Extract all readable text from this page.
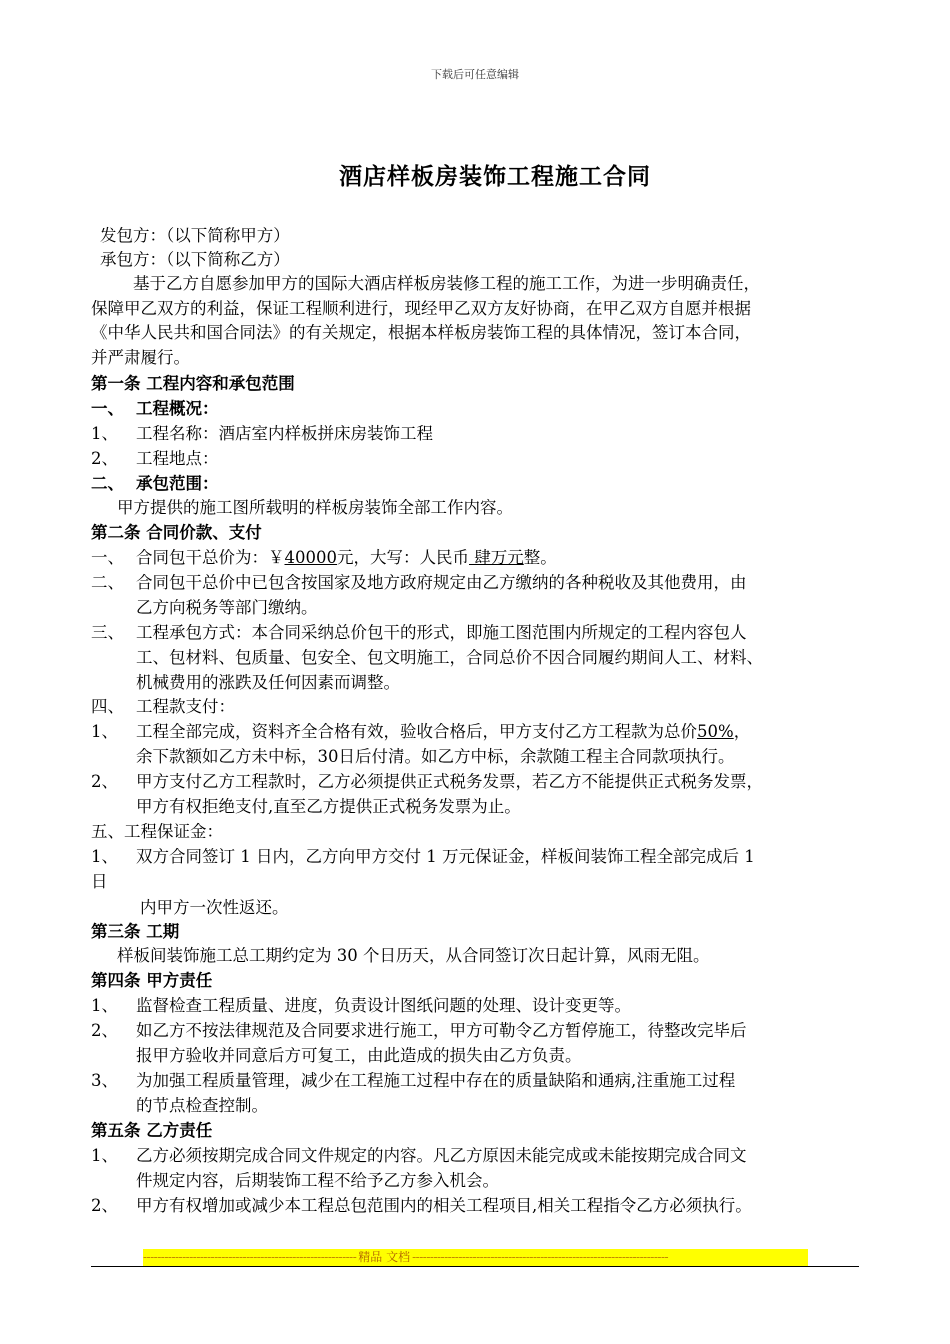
下载后可任意编辑
酒店样板房装饰工程施工合同
发包方：（以下简称甲方）
承包方：（以下简称乙方）
基于乙方自愿参加甲方的国际大酒店样板房装修工程的施工工作，为进一步明确责任，
保障甲乙双方的利益，保证工程顺利进行，现经甲乙双方友好协商，在甲乙双方自愿并根据
《中华人民共和国合同法》的有关规定，根据本样板房装饰工程的具体情况，签订本合同，
并严肃履行。
第一条 工程内容和承包范围
一、 工程概况：
1、 工程名称：酒店室内样板拼床房装饰工程
2、 工程地点：
二、 承包范围：
甲方提供的施工图所载明的样板房装饰全部工作内容。
第二条 合同价款、支付
一、 合同包干总价为：￥40000元，大写：人民币 肆万元整。
二、 合同包干总价中已包含按国家及地方政府规定由乙方缴纳的各种税收及其他费用，由
乙方向税务等部门缴纳。
三、 工程承包方式：本合同采纳总价包干的形式，即施工图范围内所规定的工程内容包人
工、包材料、包质量、包安全、包文明施工，合同总价不因合同履约期间人工、材料、
机械费用的涨跌及任何因素而调整。
四、 工程款支付：
1、 工程全部完成，资料齐全合格有效，验收合格后，甲方支付乙方工程款为总价50%，
余下款额如乙方未中标，30日后付清。如乙方中标，余款随工程主合同款项执行。
2、 甲方支付乙方工程款时，乙方必须提供正式税务发票，若乙方不能提供正式税务发票，
甲方有权拒绝支付,直至乙方提供正式税务发票为止。
五、工程保证金：
1、 双方合同签订 1 日内，乙方向甲方交付 1 万元保证金，样板间装饰工程全部完成后 1
日
内甲方一次性返还。
第三条 工期
样板间装饰施工总工期约定为 30 个日历天，从合同签订次日起计算，风雨无阻。
第四条 甲方责任
1、 监督检查工程质量、进度，负责设计图纸问题的处理、设计变更等。
2、 如乙方不按法律规范及合同要求进行施工，甲方可勒令乙方暂停施工，待整改完毕后
报甲方验收并同意后方可复工，由此造成的损失由乙方负责。
3、 为加强工程质量管理，减少在工程施工过程中存在的质量缺陷和通病,注重施工过程
的节点检查控制。
第五条 乙方责任
1、 乙方必须按期完成合同文件规定的内容。凡乙方原因未能完成或未能按期完成合同文
件规定内容，后期装饰工程不给予乙方参入机会。
2、 甲方有权增加或减少本工程总包范围内的相关工程项目,相关工程指令乙方必须执行。
------------------------------------------------------------ 精品 文档 ------------------------------------------------------------------------
